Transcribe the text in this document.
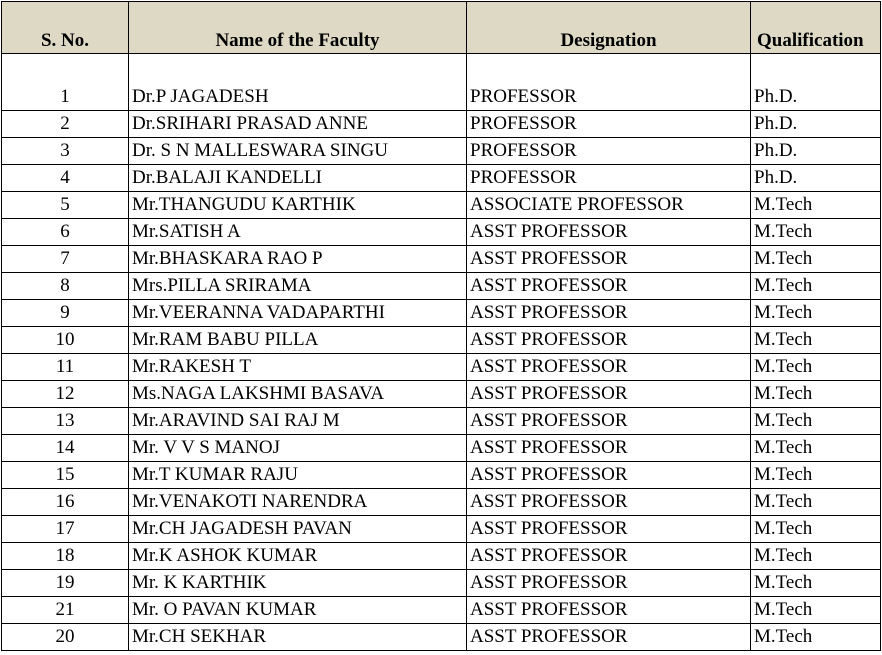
S. No.	Name of the Faculty	Designation	Qualification
1	Dr.P JAGADESH	PROFESSOR	Ph.D.
2	Dr.SRIHARI PRASAD ANNE	PROFESSOR	Ph.D.
3	Dr. S N MALLESWARA SINGU	PROFESSOR	Ph.D.
4	Dr.BALAJI KANDELLI	PROFESSOR	Ph.D.
5	Mr.THANGUDU KARTHIK	ASSOCIATE PROFESSOR	M.Tech
6	Mr.SATISH A	ASST PROFESSOR	M.Tech
7	Mr.BHASKARA RAO P	ASST PROFESSOR	M.Tech
8	Mrs.PILLA SRIRAMA	ASST PROFESSOR	M.Tech
9	Mr.VEERANNA VADAPARTHI	ASST PROFESSOR	M.Tech
10	Mr.RAM BABU PILLA	ASST PROFESSOR	M.Tech
11	Mr.RAKESH T	ASST PROFESSOR	M.Tech
12	Ms.NAGA LAKSHMI BASAVA	ASST PROFESSOR	M.Tech
13	Mr.ARAVIND SAI RAJ M	ASST PROFESSOR	M.Tech
14	Mr. V V S MANOJ	ASST PROFESSOR	M.Tech
15	Mr.T KUMAR RAJU	ASST PROFESSOR	M.Tech
16	Mr.VENAKOTI NARENDRA	ASST PROFESSOR	M.Tech
17	Mr.CH JAGADESH PAVAN	ASST PROFESSOR	M.Tech
18	Mr.K ASHOK KUMAR	ASST PROFESSOR	M.Tech
19	Mr. K KARTHIK	ASST PROFESSOR	M.Tech
21	Mr. O PAVAN KUMAR	ASST PROFESSOR	M.Tech
20	Mr.CH SEKHAR	ASST PROFESSOR	M.Tech
